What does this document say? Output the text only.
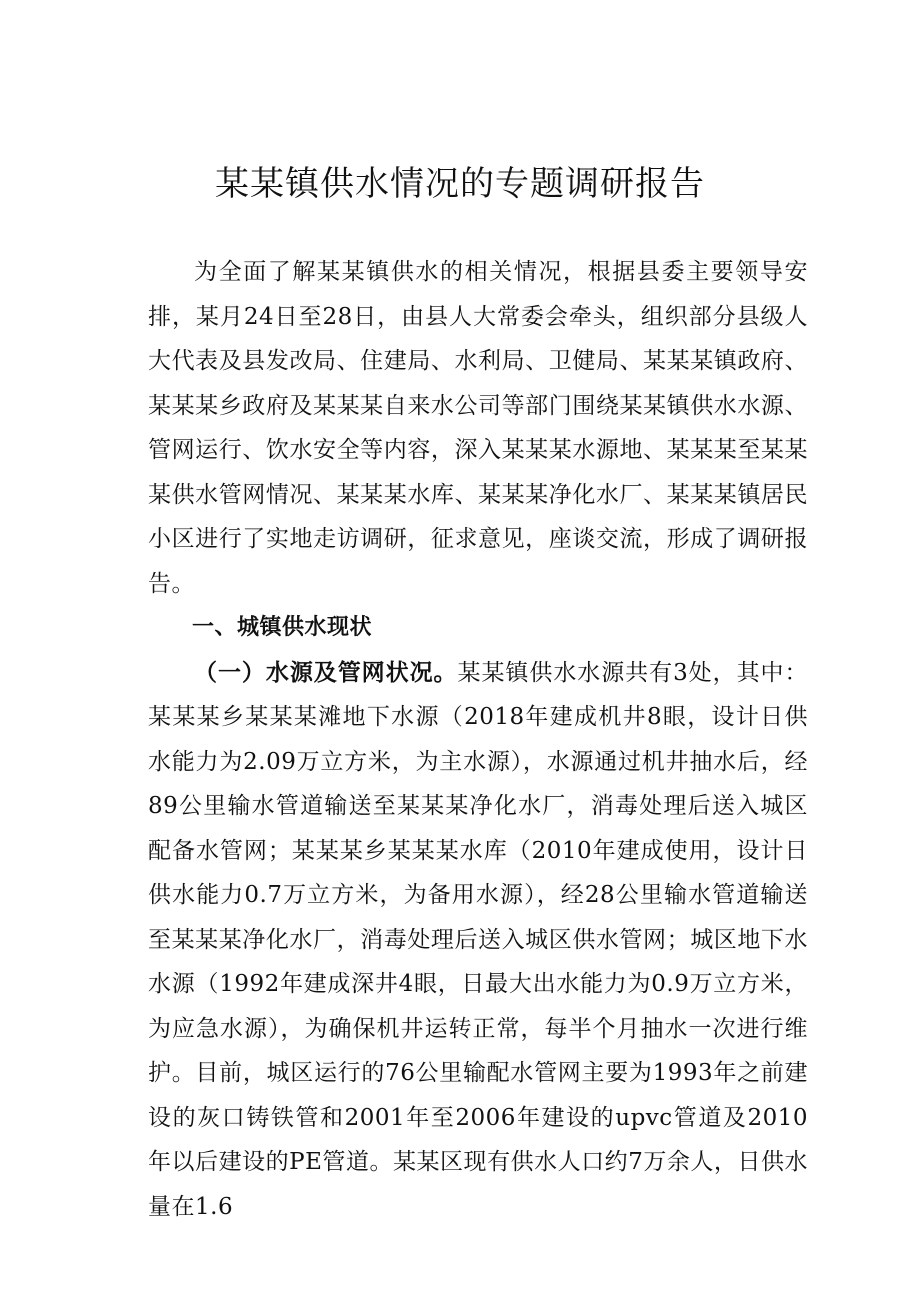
某某镇供水情况的专题调研报告

为全面了解某某镇供水的相关情况，根据县委主要领导安排，某月24日至28日，由县人大常委会牵头，组织部分县级人大代表及县发改局、住建局、水利局、卫健局、某某某镇政府、某某某乡政府及某某某自来水公司等部门围绕某某镇供水水源、管网运行、饮水安全等内容，深入某某某水源地、某某某至某某某供水管网情况、某某某水库、某某某净化水厂、某某某镇居民小区进行了实地走访调研，征求意见，座谈交流，形成了调研报告。

一、城镇供水现状

（一）水源及管网状况。某某镇供水水源共有3处，其中：某某某乡某某某滩地下水源（2018年建成机井8眼，设计日供水能力为2.09万立方米，为主水源），水源通过机井抽水后，经89公里输水管道输送至某某某净化水厂，消毒处理后送入城区配备水管网；某某某乡某某某水库（2010年建成使用，设计日供水能力0.7万立方米，为备用水源），经28公里输水管道输送至某某某净化水厂，消毒处理后送入城区供水管网；城区地下水水源（1992年建成深井4眼，日最大出水能力为0.9万立方米，为应急水源），为确保机井运转正常，每半个月抽水一次进行维护。目前，城区运行的76公里输配水管网主要为1993年之前建设的灰口铸铁管和2001年至2006年建设的upvc管道及2010年以后建设的PE管道。某某区现有供水人口约7万余人，日供水量在1.6
